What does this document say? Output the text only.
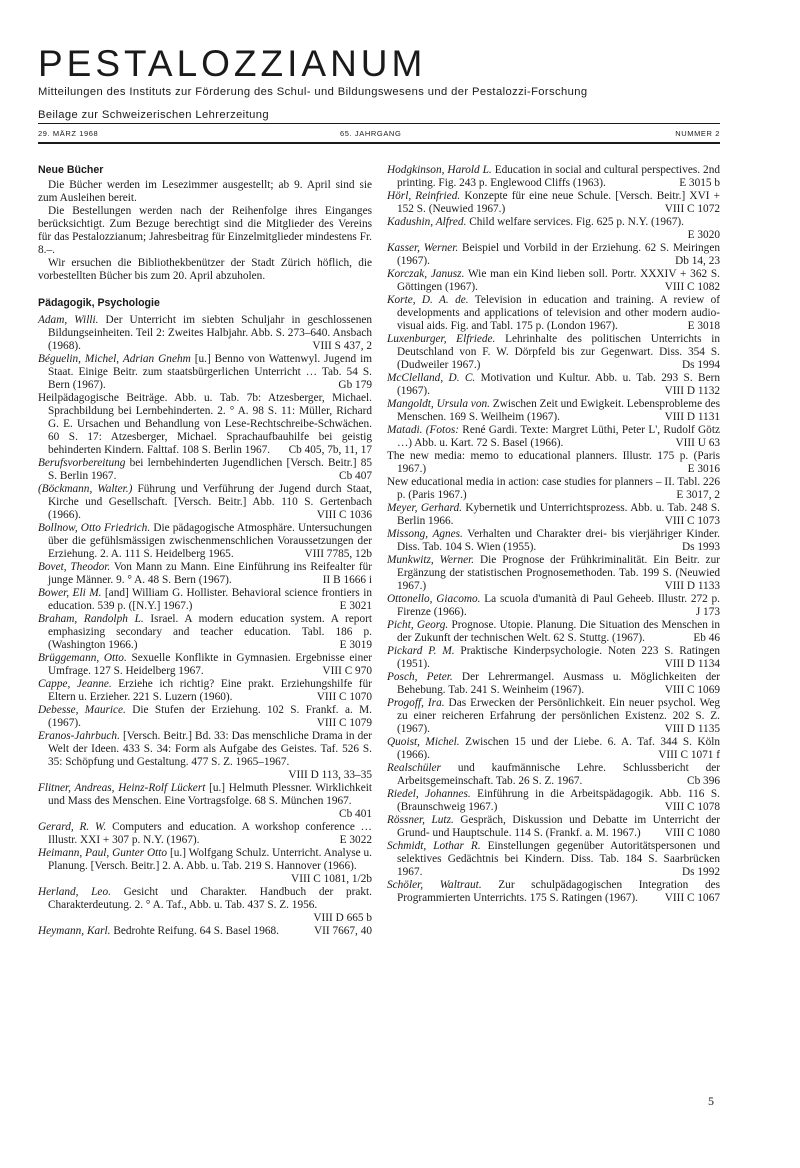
PESTALOZZIANUM
Mitteilungen des Instituts zur Förderung des Schul- und Bildungswesens und der Pestalozzi-Forschung
Beilage zur Schweizerischen Lehrerzeitung
29. MÄRZ 1968	65. JAHRGANG	NUMMER 2
Neue Bücher

Die Bücher werden im Lesezimmer ausgestellt; ab 9. April sind sie zum Ausleihen bereit.

Die Bestellungen werden nach der Reihenfolge ihres Einganges berücksichtigt. Zum Bezuge berechtigt sind die Mitglieder des Vereins für das Pestalozzianum; Jahresbeitrag für Einzelmitglieder mindestens Fr. 8.–.

Wir ersuchen die Bibliothekbenützer der Stadt Zürich höflich, die vorbestellten Bücher bis zum 20. April abzuholen.

Pädagogik, Psychologie

Adam, Willi. Der Unterricht im siebten Schuljahr in geschlossenen Bildungseinheiten. Teil 2: Zweites Halbjahr. Abb. S. 273–640. Ansbach (1968).	VIII S 437, 2

Béguelin, Michel, Adrian Gnehm [u.] Benno von Wattenwyl. Jugend im Staat. Einige Beitr. zum staatsbürgerlichen Unterricht … Tab. 54 S. Bern (1967).	Gb 179

Heilpädagogische Beiträge. Abb. u. Tab. 7b: Atzesberger, Michael. Sprachbildung bei Lernbehinderten. 2. ° A. 98 S. 11: Müller, Richard G. E. Ursachen und Behandlung von Lese-Rechtschreibe-Schwächen. 60 S. 17: Atzesberger, Michael. Sprachaufbauhilfe bei geistig behinderten Kindern. Falttaf. 108 S. Berlin 1967.	Cb 405, 7b, 11, 17

Berufsvorbereitung bei lernbehinderten Jugendlichen [Versch. Beitr.] 85 S. Berlin 1967.	Cb 407

(Böckmann, Walter.) Führung und Verführung der Jugend durch Staat, Kirche und Gesellschaft. [Versch. Beitr.] Abb. 110 S. Gertenbach (1966).	VIII C 1036

Bollnow, Otto Friedrich. Die pädagogische Atmosphäre. Untersuchungen über die gefühlsmässigen zwischenmenschlichen Voraussetzungen der Erziehung. 2. A. 111 S. Heidelberg 1965.	VIII 7785, 12b

Bovet, Theodor. Von Mann zu Mann. Eine Einführung ins Reifealter für junge Männer. 9. ° A. 48 S. Bern (1967).	II B 1666 i

Bower, Eli M. [and] William G. Hollister. Behavioral science frontiers in education. 539 p. ([N.Y.] 1967.)	E 3021

Braham, Randolph L. Israel. A modern education system. A report emphasizing secondary and teacher education. Tabl. 186 p. (Washington 1966.)	E 3019

Brüggemann, Otto. Sexuelle Konflikte in Gymnasien. Ergebnisse einer Umfrage. 127 S. Heidelberg 1967.	VIII C 970

Cappe, Jeanne. Erziehe ich richtig? Eine prakt. Erziehungshilfe für Eltern u. Erzieher. 221 S. Luzern (1960).	VIII C 1070

Debesse, Maurice. Die Stufen der Erziehung. 102 S. Frankf. a. M. (1967).	VIII C 1079

Eranos-Jahrbuch. [Versch. Beitr.] Bd. 33: Das menschliche Drama in der Welt der Ideen. 433 S. 34: Form als Aufgabe des Geistes. Taf. 526 S. 35: Schöpfung und Gestaltung. 477 S. Z. 1965–1967.
VIII D 113, 33–35

Flitner, Andreas, Heinz-Rolf Lückert [u.] Helmuth Plessner. Wirklichkeit und Mass des Menschen. Eine Vortragsfolge. 68 S. München 1967.
Cb 401

Gerard, R. W. Computers and education. A workshop conference … Illustr. XXI + 307 p. N.Y. (1967).	E 3022

Heimann, Paul, Gunter Otto [u.] Wolfgang Schulz. Unterricht. Analyse u. Planung. [Versch. Beitr.] 2. A. Abb. u. Tab. 219 S. Hannover (1966).
VIII C 1081, 1/2b

Herland, Leo. Gesicht und Charakter. Handbuch der prakt. Charakterdeutung. 2. ° A. Taf., Abb. u. Tab. 437 S. Z. 1956.
VIII D 665 b

Heymann, Karl. Bedrohte Reifung. 64 S. Basel 1968.	VII 7667, 40

Hodgkinson, Harold L. Education in social and cultural perspectives. 2nd printing. Fig. 243 p. Englewood Cliffs (1963).	E 3015 b

Hörl, Reinfried. Konzepte für eine neue Schule. [Versch. Beitr.] XVI + 152 S. (Neuwied 1967.)	VIII C 1072

Kadushin, Alfred. Child welfare services. Fig. 625 p. N.Y. (1967).
E 3020

Kasser, Werner. Beispiel und Vorbild in der Erziehung. 62 S. Meiringen (1967).	Db 14, 23

Korczak, Janusz. Wie man ein Kind lieben soll. Portr. XXXIV + 362 S. Göttingen (1967).	VIII C 1082

Korte, D. A. de. Television in education and training. A review of developments and applications of television and other modern audio-visual aids. Fig. and Tabl. 175 p. (London 1967).	E 3018

Luxenburger, Elfriede. Lehrinhalte des politischen Unterrichts in Deutschland von F. W. Dörpfeld bis zur Gegenwart. Diss. 354 S. (Dudweiler 1967.)	Ds 1994

McClelland, D. C. Motivation und Kultur. Abb. u. Tab. 293 S. Bern (1967).	VIII D 1132

Mangoldt, Ursula von. Zwischen Zeit und Ewigkeit. Lebensprobleme des Menschen. 169 S. Weilheim (1967).	VIII D 1131

Matadi. (Fotos: René Gardi. Texte: Margret Lüthi, Peter L', Rudolf Götz …) Abb. u. Kart. 72 S. Basel (1966).	VIII U 63

The new media: memo to educational planners. Illustr. 175 p. (Paris 1967.)	E 3016

New educational media in action: case studies for planners – II. Tabl. 226 p. (Paris 1967.)	E 3017, 2

Meyer, Gerhard. Kybernetik und Unterrichtsprozess. Abb. u. Tab. 248 S. Berlin 1966.	VIII C 1073

Missong, Agnes. Verhalten und Charakter drei- bis vierjähriger Kinder. Diss. Tab. 104 S. Wien (1955).	Ds 1993

Munkwitz, Werner. Die Prognose der Frühkriminalität. Ein Beitr. zur Ergänzung der statistischen Prognosemethoden. Tab. 199 S. (Neuwied 1967.)	VIII D 1133

Ottonello, Giacomo. La scuola d'umanità di Paul Geheeb. Illustr. 272 p. Firenze (1966).	J 173

Picht, Georg. Prognose. Utopie. Planung. Die Situation des Menschen in der Zukunft der technischen Welt. 62 S. Stuttg. (1967).	Eb 46

Pickard P. M. Praktische Kinderpsychologie. Noten 223 S. Ratingen (1951).	VIII D 1134

Posch, Peter. Der Lehrermangel. Ausmass u. Möglichkeiten der Behebung. Tab. 241 S. Weinheim (1967).	VIII C 1069

Progoff, Ira. Das Erwecken der Persönlichkeit. Ein neuer psychol. Weg zu einer reicheren Erfahrung der persönlichen Existenz. 202 S. Z. (1967).	VIII D 1135

Quoist, Michel. Zwischen 15 und der Liebe. 6. A. Taf. 344 S. Köln (1966).	VIII C 1071 f

Realschüler und kaufmännische Lehre. Schlussbericht der Arbeitsgemeinschaft. Tab. 26 S. Z. 1967.	Cb 396

Riedel, Johannes. Einführung in die Arbeitspädagogik. Abb. 116 S. (Braunschweig 1967.)	VIII C 1078

Rössner, Lutz. Gespräch, Diskussion und Debatte im Unterricht der Grund- und Hauptschule. 114 S. (Frankf. a. M. 1967.)	VIII C 1080

Schmidt, Lothar R. Einstellungen gegenüber Autoritätspersonen und selektives Gedächtnis bei Kindern. Diss. Tab. 184 S. Saarbrücken 1967.	Ds 1992

Schöler, Waltraut. Zur schulpädagogischen Integration des Programmierten Unterrichts. 175 S. Ratingen (1967).	VIII C 1067

5
